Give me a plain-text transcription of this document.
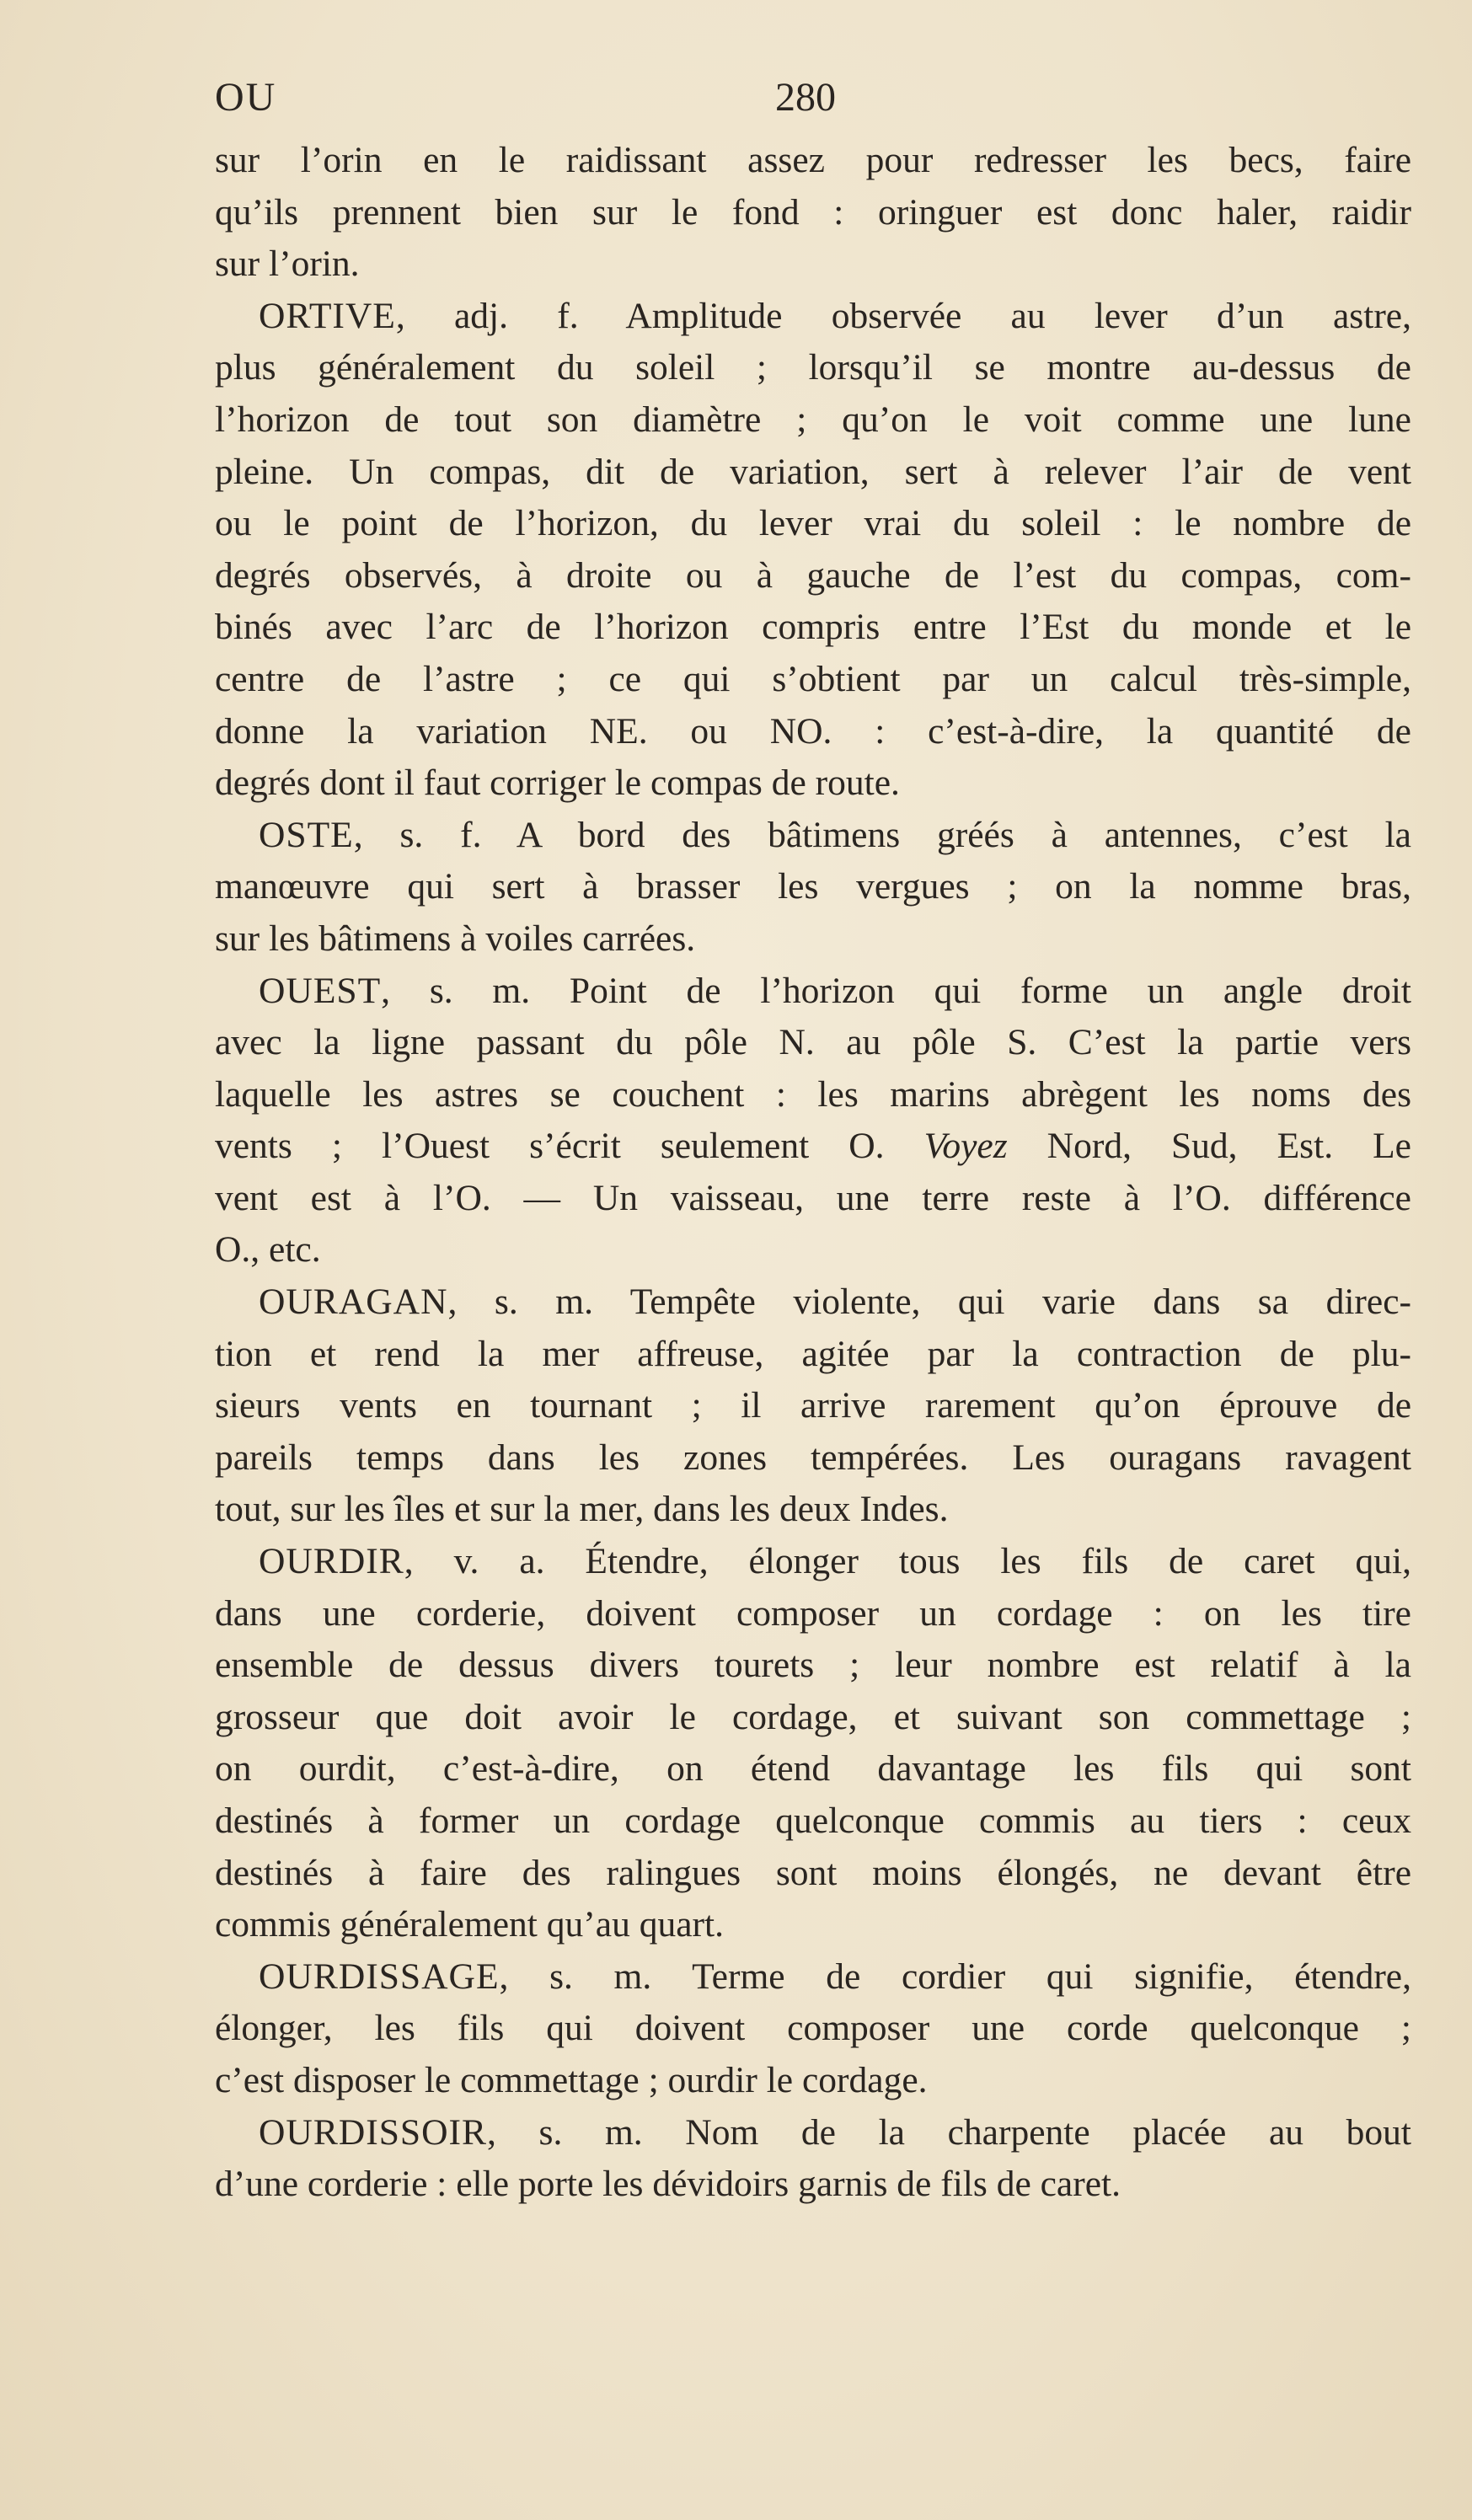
OU	280
sur l’orin en le raidissant assez pour redresser les becs, faire
qu’ils prennent bien sur le fond : oringuer est donc haler, raidir
sur l’orin.
ORTIVE, adj. f. Amplitude observée au lever d’un astre,
plus généralement du soleil ; lorsqu’il se montre au-dessus de
l’horizon de tout son diamètre ; qu’on le voit comme une lune
pleine. Un compas, dit de variation, sert à relever l’air de vent
ou le point de l’horizon, du lever vrai du soleil : le nombre de
degrés observés, à droite ou à gauche de l’est du compas, com-
binés avec l’arc de l’horizon compris entre l’Est du monde et le
centre de l’astre ; ce qui s’obtient par un calcul très-simple,
donne la variation NE. ou NO. : c’est-à-dire, la quantité de
degrés dont il faut corriger le compas de route.
OSTE, s. f. A bord des bâtimens gréés à antennes, c’est la
manœuvre qui sert à brasser les vergues ; on la nomme bras,
sur les bâtimens à voiles carrées.
OUEST, s. m. Point de l’horizon qui forme un angle droit
avec la ligne passant du pôle N. au pôle S. C’est la partie vers
laquelle les astres se couchent : les marins abrègent les noms des
vents ; l’Ouest s’écrit seulement O. Voyez Nord, Sud, Est. Le
vent est à l’O. — Un vaisseau, une terre reste à l’O. différence
O., etc.
OURAGAN, s. m. Tempête violente, qui varie dans sa direc-
tion et rend la mer affreuse, agitée par la contraction de plu-
sieurs vents en tournant ; il arrive rarement qu’on éprouve de
pareils temps dans les zones tempérées. Les ouragans ravagent
tout, sur les îles et sur la mer, dans les deux Indes.
OURDIR, v. a. Étendre, élonger tous les fils de caret qui,
dans une corderie, doivent composer un cordage : on les tire
ensemble de dessus divers tourets ; leur nombre est relatif à la
grosseur que doit avoir le cordage, et suivant son commettage ;
on ourdit, c’est-à-dire, on étend davantage les fils qui sont
destinés à former un cordage quelconque commis au tiers : ceux
destinés à faire des ralingues sont moins élongés, ne devant être
commis généralement qu’au quart.
OURDISSAGE, s. m. Terme de cordier qui signifie, étendre,
élonger, les fils qui doivent composer une corde quelconque ;
c’est disposer le commettage ; ourdir le cordage.
OURDISSOIR, s. m. Nom de la charpente placée au bout
d’une corderie : elle porte les dévidoirs garnis de fils de caret.
